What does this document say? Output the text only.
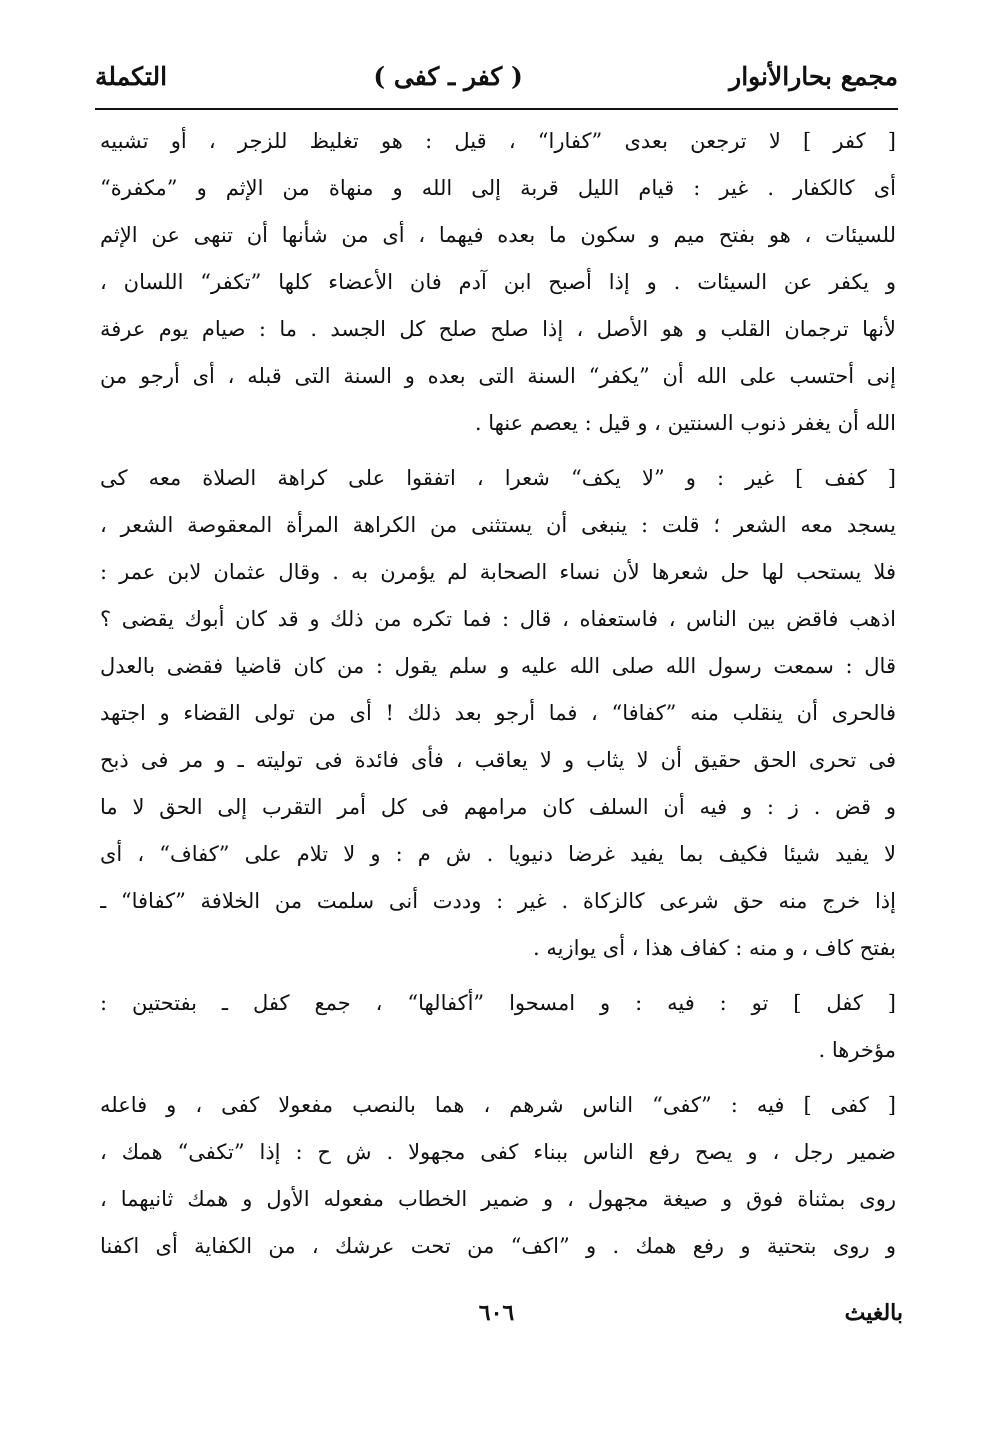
مجمع بحارالأنوار
( كفر ـ كفى )
التكملة
[ كفر ] لا ترجعن بعدى ”كفارا“ ، قيل : هو تغليظ للزجر ، أو تشبيه
أى كالكفار . غير : قيام الليل قربة إلى الله و منهاة من الإثم و ”مكفرة“
للسيئات ، هو بفتح ميم و سكون ما بعده فيهما ، أى من شأنها أن تنهى عن الإثم
و يكفر عن السيئات . و إذا أصبح ابن آدم فان الأعضاء كلها ”تكفر“ اللسان ،
لأنها ترجمان القلب و هو الأصل ، إذا صلح صلح كل الجسد . ما : صيام يوم عرفة
إنى أحتسب على الله أن ”يكفر“ السنة التى بعده و السنة التى قبله ، أى أرجو من
الله أن يغفر ذنوب السنتين ، و قيل : يعصم عنها .
[ كفف ] غير : و ”لا يكف“ شعرا ، اتفقوا على كراهة الصلاة معه كى
يسجد معه الشعر ؛ قلت : ينبغى أن يستثنى من الكراهة المرأة المعقوصة الشعر ،
فلا يستحب لها حل شعرها لأن نساء الصحابة لم يؤمرن به . وقال عثمان لابن عمر :
اذهب فاقض بين الناس ، فاستعفاه ، قال : فما تكره من ذلك و قد كان أبوك يقضى ؟
قال : سمعت رسول الله صلى الله عليه و سلم يقول : من كان قاضيا فقضى بالعدل
فالحرى أن ينقلب منه ”كفافا“ ، فما أرجو بعد ذلك ! أى من تولى القضاء و اجتهد
فى تحرى الحق حقيق أن لا يثاب و لا يعاقب ، فأى فائدة فى توليته ـ و مر فى ذبح
و قض . ز : و فيه أن السلف كان مرامهم فى كل أمر التقرب إلى الحق لا ما
لا يفيد شيئا فكيف بما يفيد غرضا دنيويا . ش م : و لا تلام على ”كفاف“ ، أى
إذا خرج منه حق شرعى كالزكاة . غير : وددت أنى سلمت من الخلافة ”كفافا“ ـ
بفتح كاف ، و منه : كفاف هذا ، أى يوازيه .
[ كفل ] تو : فيه : و امسحوا ”أكفالها“ ، جمع كفل ـ بفتحتين :
مؤخرها .
[ كفى ] فيه : ”كفى“ الناس شرهم ، هما بالنصب مفعولا كفى ، و فاعله
ضمير رجل ، و يصح رفع الناس ببناء كفى مجهولا . ش ح : إذا ”تكفى“ همك ،
روى بمثناة فوق و صيغة مجهول ، و ضمير الخطاب مفعوله الأول و همك ثانيهما ،
و روى بتحتية و رفع همك . و ”اكف“ من تحت عرشك ، من الكفاية أى اكفنا
٦٠٦	بالغيث
